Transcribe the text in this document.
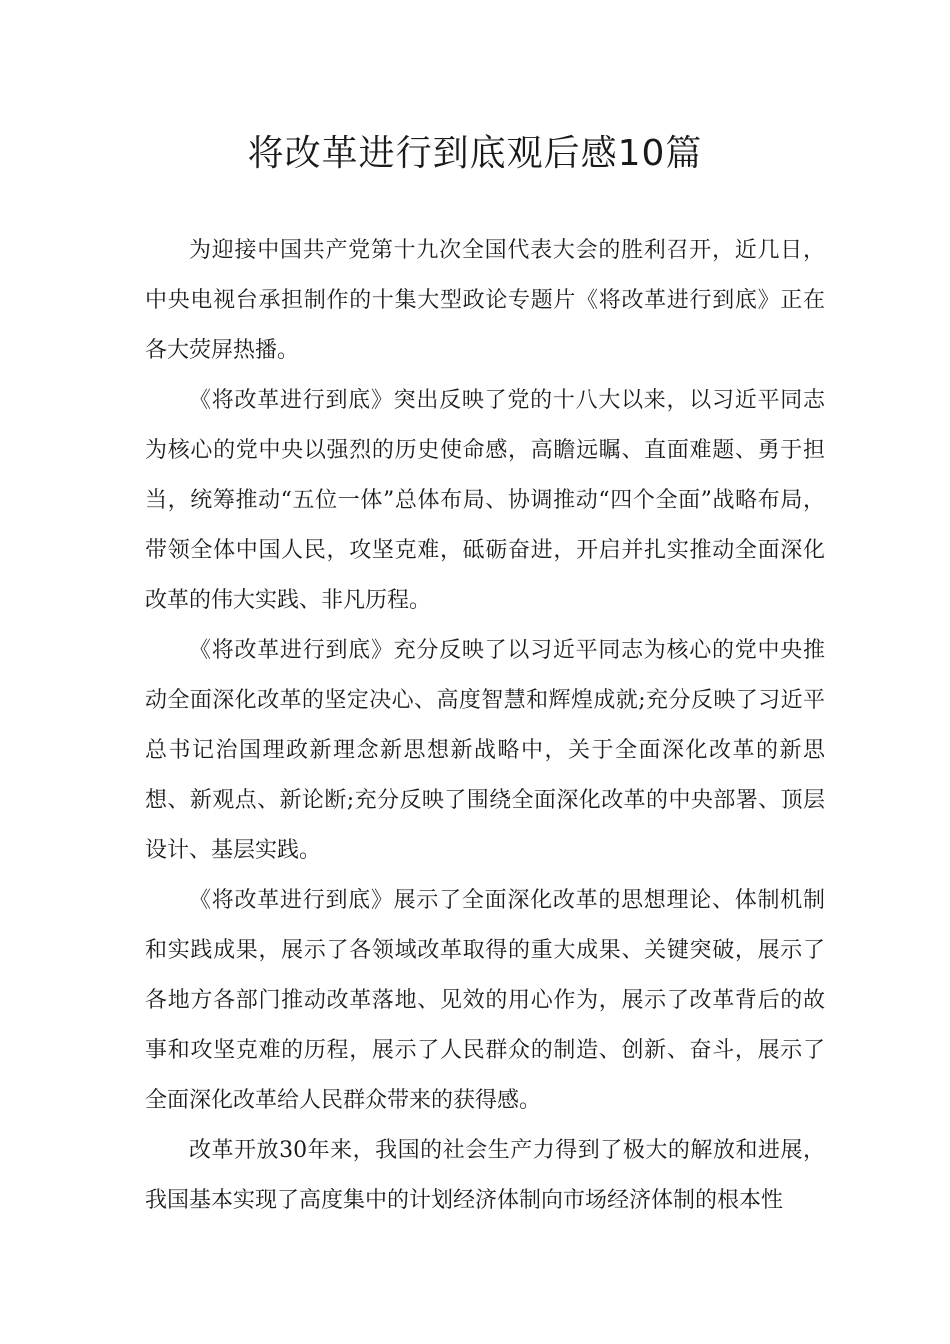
将改革进行到底观后感10篇

为迎接中国共产党第十九次全国代表大会的胜利召开，近几日，中央电视台承担制作的十集大型政论专题片《将改革进行到底》正在各大荧屏热播。

《将改革进行到底》突出反映了党的十八大以来，以习近平同志为核心的党中央以强烈的历史使命感，高瞻远瞩、直面难题、勇于担当，统筹推动“五位一体”总体布局、协调推动“四个全面”战略布局，带领全体中国人民，攻坚克难，砥砺奋进，开启并扎实推动全面深化改革的伟大实践、非凡历程。

《将改革进行到底》充分反映了以习近平同志为核心的党中央推动全面深化改革的坚定决心、高度智慧和辉煌成就;充分反映了习近平总书记治国理政新理念新思想新战略中，关于全面深化改革的新思想、新观点、新论断;充分反映了围绕全面深化改革的中央部署、顶层设计、基层实践。

《将改革进行到底》展示了全面深化改革的思想理论、体制机制和实践成果，展示了各领域改革取得的重大成果、关键突破，展示了各地方各部门推动改革落地、见效的用心作为，展示了改革背后的故事和攻坚克难的历程，展示了人民群众的制造、创新、奋斗，展示了全面深化改革给人民群众带来的获得感。

改革开放30年来，我国的社会生产力得到了极大的解放和进展，我国基本实现了高度集中的计划经济体制向市场经济体制的根本性
